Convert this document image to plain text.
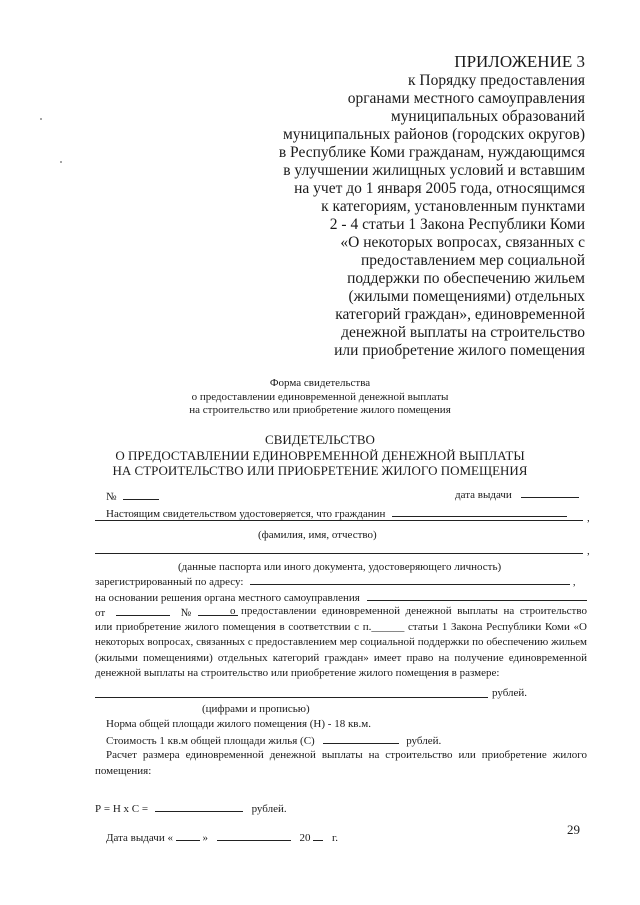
ПРИЛОЖЕНИЕ 3
к Порядку предоставления
органами местного самоуправления
муниципальных образований
муниципальных районов (городских округов)
в Республике Коми гражданам, нуждающимся
в улучшении жилищных условий и вставшим
на учет до 1 января 2005 года, относящимся
к категориям, установленным пунктами
2 - 4 статьи 1 Закона Республики Коми
«О некоторых вопросах, связанных с
предоставлением мер социальной
поддержки по обеспечению жильем
(жилыми помещениями) отдельных
категорий граждан», единовременной
денежной выплаты на строительство
или приобретение жилого помещения
Форма свидетельства
о предоставлении единовременной денежной выплаты
на строительство или приобретение жилого помещения
СВИДЕТЕЛЬСТВО
О ПРЕДОСТАВЛЕНИИ ЕДИНОВРЕМЕННОЙ ДЕНЕЖНОЙ ВЫПЛАТЫ
НА СТРОИТЕЛЬСТВО ИЛИ ПРИОБРЕТЕНИЕ ЖИЛОГО ПОМЕЩЕНИЯ
№	дата выдачи
Настоящим свидетельством удостоверяется, что гражданин	,
(фамилия, имя, отчество)
,
(данные паспорта или иного документа, удостоверяющего личность)
зарегистрированный по адресу:	,
на основании решения органа местного самоуправления
от	№	о предоставлении единовременной денежной выплаты на строительство или приобретение жилого помещения в соответствии с п.______ статьи 1 Закона Республики Коми «О некоторых вопросах, связанных с предоставлением мер социальной поддержки по обеспечению жильем (жилыми помещениями) отдельных категорий граждан» имеет право на получение единовременной денежной выплаты на строительство или приобретение жилого помещения в размере:
рублей.
(цифрами и прописью)
Норма общей площади жилого помещения (Н) - 18 кв.м.
Стоимость 1 кв.м общей площади жилья (С)	рублей.
Расчет размера единовременной денежной выплаты на строительство или приобретение жилого помещения:
Р = Н х С =	рублей.
Дата выдачи «	»	20 г.
29
